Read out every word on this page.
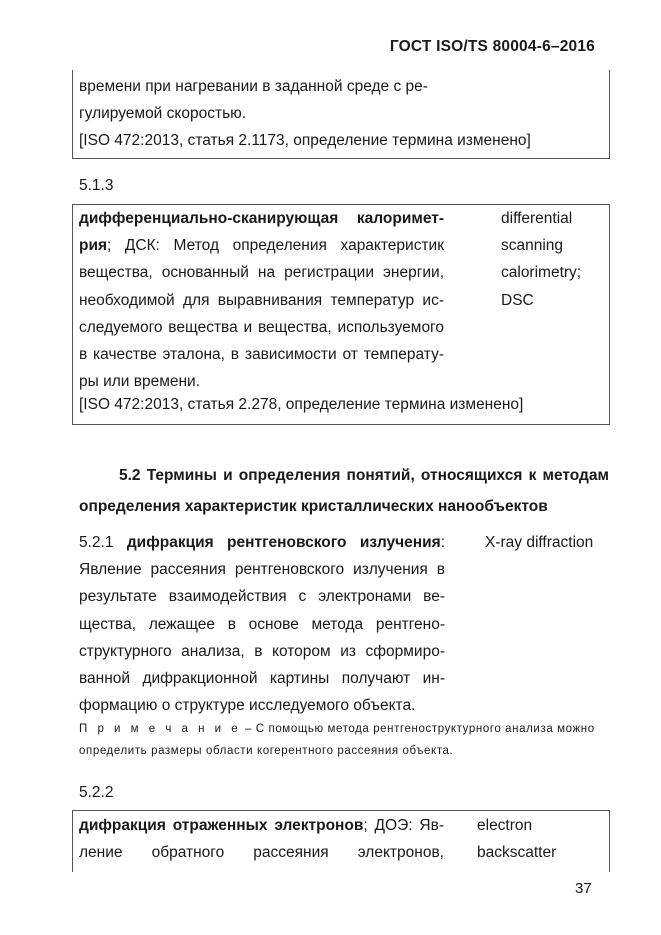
ГОСТ ISO/TS 80004-6–2016
времени при нагревании в заданной среде с ре-
гулируемой скоростью.
[ISO 472:2013, статья 2.1173, определение термина изменено]
5.1.3
дифференциально-сканирующая калоримет-
рия; ДСК: Метод определения характеристик
вещества, основанный на регистрации энергии,
необходимой для выравнивания температур ис-
следуемого вещества и вещества, используемого
в качестве эталона, в зависимости от температу-
ры или времени.
differential
scanning
calorimetry;
DSC
[ISO 472:2013, статья 2.278, определение термина изменено]
5.2 Термины и определения понятий, относящихся к методам
определения характеристик кристаллических нанообъектов
5.2.1 дифракция рентгеновского излучения:
Явление рассеяния рентгеновского излучения в
результате взаимодействия с электронами ве-
щества, лежащее в основе метода рентгено-
структурного анализа, в котором из сформиро-
ванной дифракционной картины получают ин-
формацию о структуре исследуемого объекта.
X-ray diffraction
П р и м е ч а н и е – С помощью метода рентгеноструктурного анализа можно
определить размеры области когерентного рассеяния объекта.
5.2.2
дифракция отраженных электронов; ДОЭ: Яв-
ление обратного рассеяния электронов,
electron
backscatter
37
